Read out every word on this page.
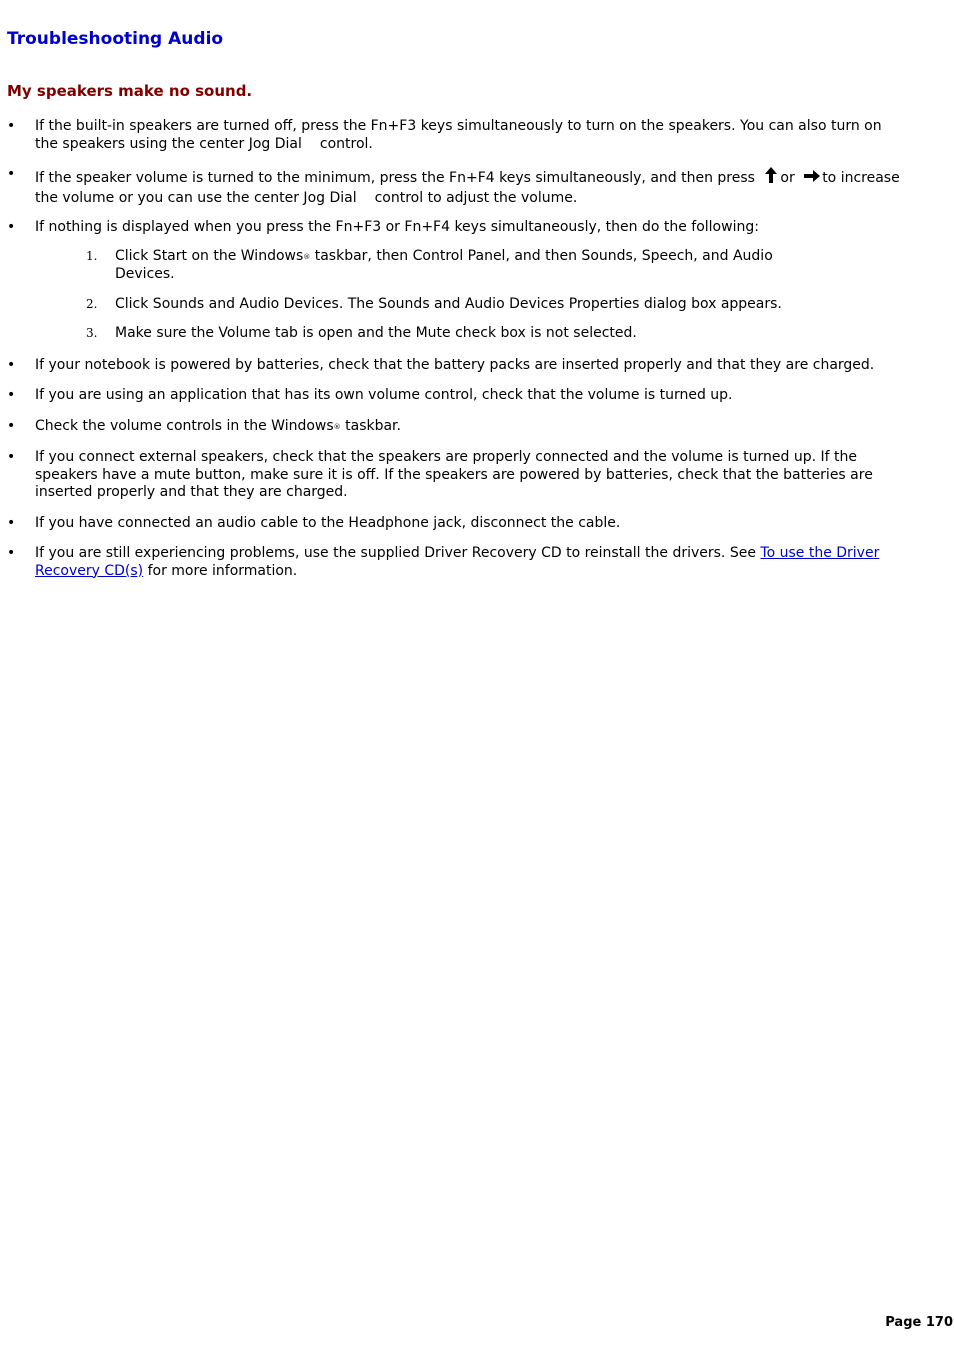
Troubleshooting Audio
My speakers make no sound.
• If the built-in speakers are turned off, press the Fn+F3 keys simultaneously to turn on the speakers. You can also turn on the speakers using the center Jog Dial control.
• If the speaker volume is turned to the minimum, press the Fn+F4 keys simultaneously, and then press or to increase the volume or you can use the center Jog Dial control to adjust the volume.
• If nothing is displayed when you press the Fn+F3 or Fn+F4 keys simultaneously, then do the following:
1. Click Start on the Windows® taskbar, then Control Panel, and then Sounds, Speech, and Audio Devices.
2. Click Sounds and Audio Devices. The Sounds and Audio Devices Properties dialog box appears.
3. Make sure the Volume tab is open and the Mute check box is not selected.
• If your notebook is powered by batteries, check that the battery packs are inserted properly and that they are charged.
• If you are using an application that has its own volume control, check that the volume is turned up.
• Check the volume controls in the Windows® taskbar.
• If you connect external speakers, check that the speakers are properly connected and the volume is turned up. If the speakers have a mute button, make sure it is off. If the speakers are powered by batteries, check that the batteries are inserted properly and that they are charged.
• If you have connected an audio cable to the Headphone jack, disconnect the cable.
• If you are still experiencing problems, use the supplied Driver Recovery CD to reinstall the drivers. See To use the Driver Recovery CD(s) for more information.
Page 170
